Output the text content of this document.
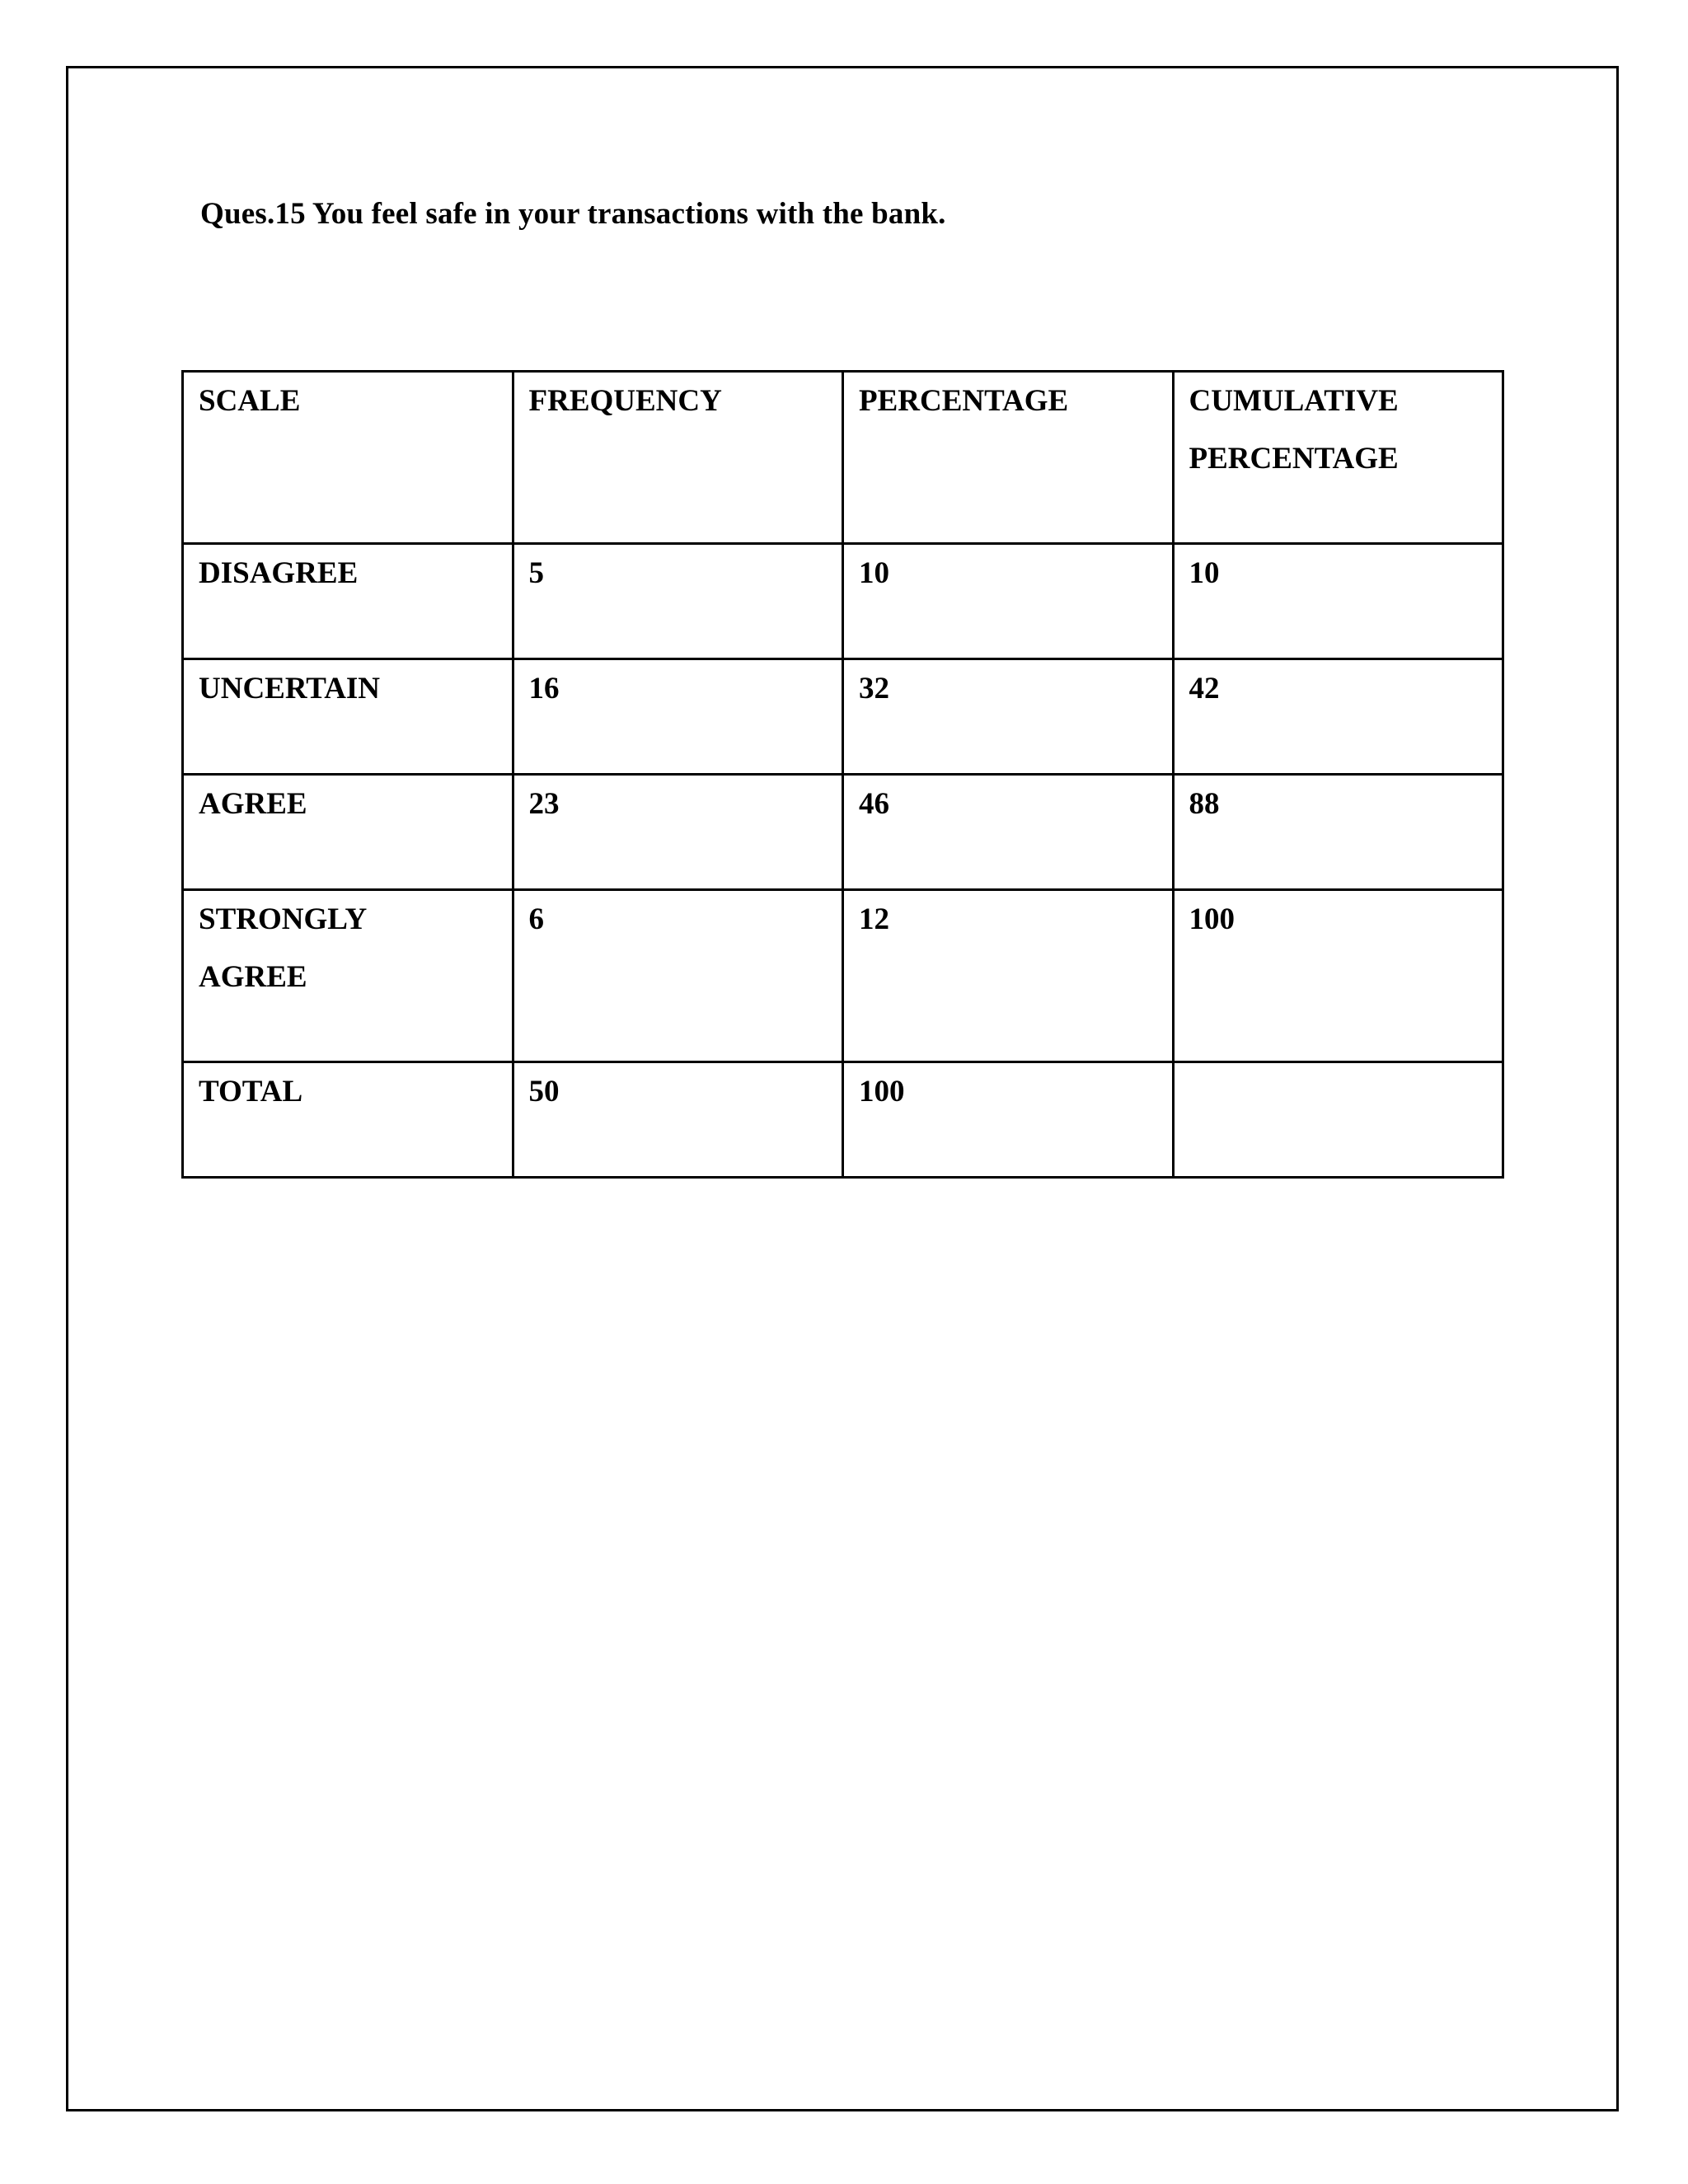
Ques.15 You feel safe in your transactions with the bank.

SCALE	FREQUENCY	PERCENTAGE	CUMULATIVE
PERCENTAGE
DISAGREE	5	10	10
UNCERTAIN	16	32	42
AGREE	23	46	88
STRONGLY
AGREE	6	12	100
TOTAL	50	100	
